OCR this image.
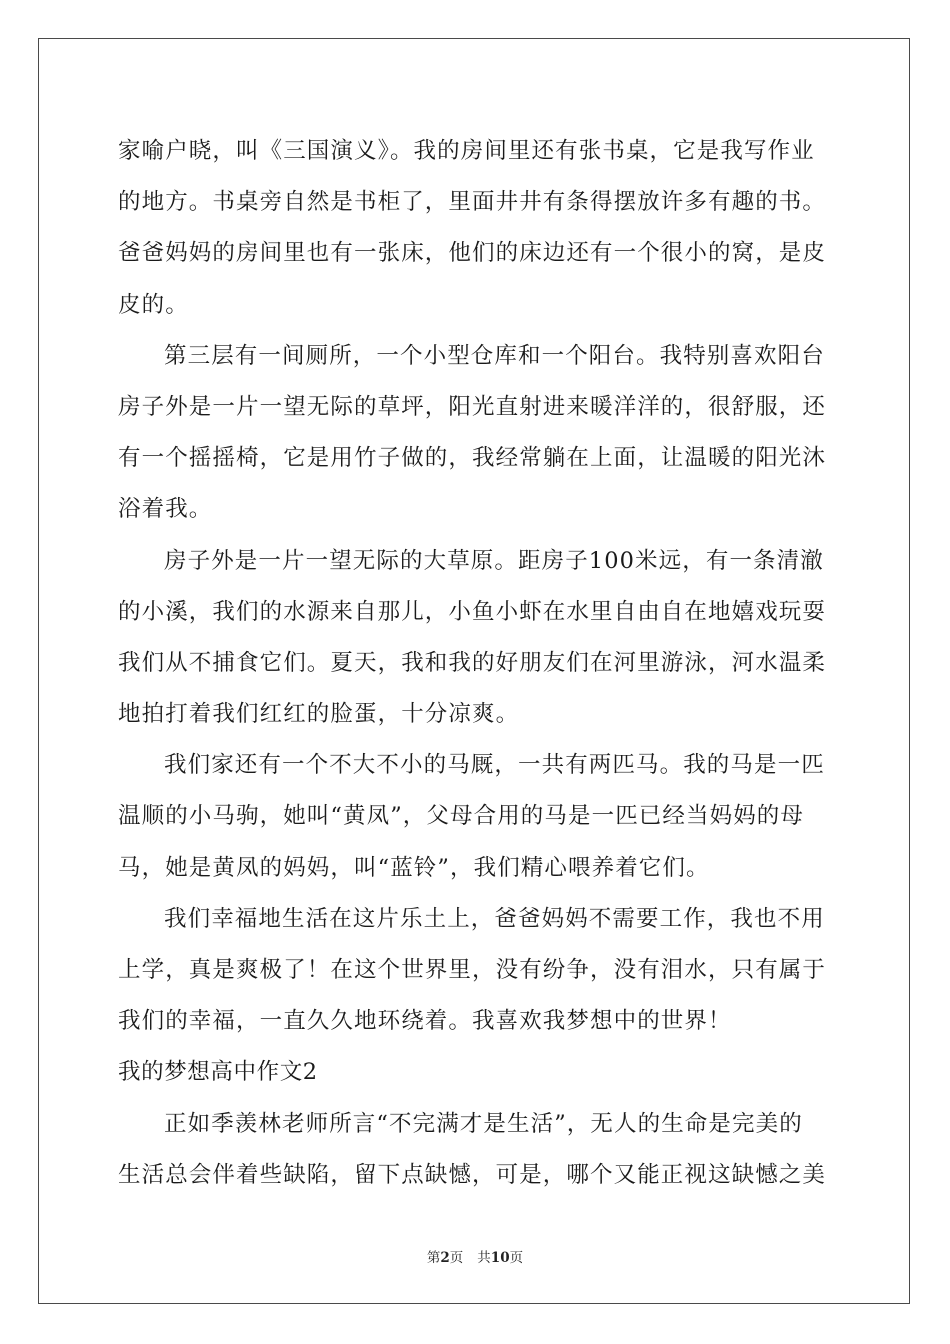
家喻户晓，叫《三国演义》。我的房间里还有张书桌，它是我写作业
的地方。书桌旁自然是书柜了，里面井井有条得摆放许多有趣的书。
爸爸妈妈的房间里也有一张床，他们的床边还有一个很小的窝，是皮
皮的。
第三层有一间厕所，一个小型仓库和一个阳台。我特别喜欢阳台
房子外是一片一望无际的草坪，阳光直射进来暖洋洋的，很舒服，还
有一个摇摇椅，它是用竹子做的，我经常躺在上面，让温暖的阳光沐
浴着我。
房子外是一片一望无际的大草原。距房子100米远，有一条清澈
的小溪，我们的水源来自那儿，小鱼小虾在水里自由自在地嬉戏玩耍
我们从不捕食它们。夏天，我和我的好朋友们在河里游泳，河水温柔
地拍打着我们红红的脸蛋，十分凉爽。
我们家还有一个不大不小的马厩，一共有两匹马。我的马是一匹
温顺的小马驹，她叫“黄凤”，父母合用的马是一匹已经当妈妈的母
马，她是黄凤的妈妈，叫“蓝铃”，我们精心喂养着它们。
我们幸福地生活在这片乐土上，爸爸妈妈不需要工作，我也不用
上学，真是爽极了！在这个世界里，没有纷争，没有泪水，只有属于
我们的幸福，一直久久地环绕着。我喜欢我梦想中的世界！
我的梦想高中作文2
正如季羡林老师所言“不完满才是生活”，无人的生命是完美的
生活总会伴着些缺陷，留下点缺憾，可是，哪个又能正视这缺憾之美
第2页 共10页
